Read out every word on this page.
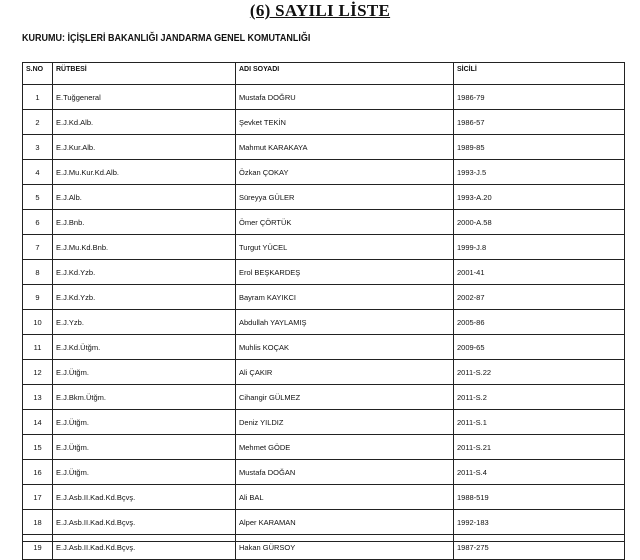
(6) SAYILI LİSTE
KURUMU: İÇİŞLERİ BAKANLIĞI JANDARMA GENEL KOMUTANLIĞI
S.NO	RÜTBESİ	ADI SOYADI	SİCİLİ
1	E.Tuğgeneral	Mustafa DOĞRU	1986-79
2	E.J.Kd.Alb.	Şevket TEKİN	1986-57
3	E.J.Kur.Alb.	Mahmut KARAKAYA	1989-85
4	E.J.Mu.Kur.Kd.Alb.	Özkan ÇOKAY	1993-J.5
5	E.J.Alb.	Süreyya GÜLER	1993-A.20
6	E.J.Bnb.	Ömer ÇÖRTÜK	2000-A.58
7	E.J.Mu.Kd.Bnb.	Turgut YÜCEL	1999-J.8
8	E.J.Kd.Yzb.	Erol BEŞKARDEŞ	2001-41
9	E.J.Kd.Yzb.	Bayram KAYIKCI	2002-87
10	E.J.Yzb.	Abdullah YAYLAMIŞ	2005-86
11	E.J.Kd.Ütğm.	Muhlis KOÇAK	2009-65
12	E.J.Ütğm.	Ali ÇAKIR	2011-S.22
13	E.J.Bkm.Ütğm.	Cihangir GÜLMEZ	2011-S.2
14	E.J.Ütğm.	Deniz YILDIZ	2011-S.1
15	E.J.Ütğm.	Mehmet GÖDE	2011-S.21
16	E.J.Ütğm.	Mustafa DOĞAN	2011-S.4
17	E.J.Asb.II.Kad.Kd.Bçvş.	Ali BAL	1988-519
18	E.J.Asb.II.Kad.Kd.Bçvş.	Alper KARAMAN	1992-183
19	E.J.Asb.II.Kad.Kd.Bçvş.	Hakan GÜRSOY	1987-275
